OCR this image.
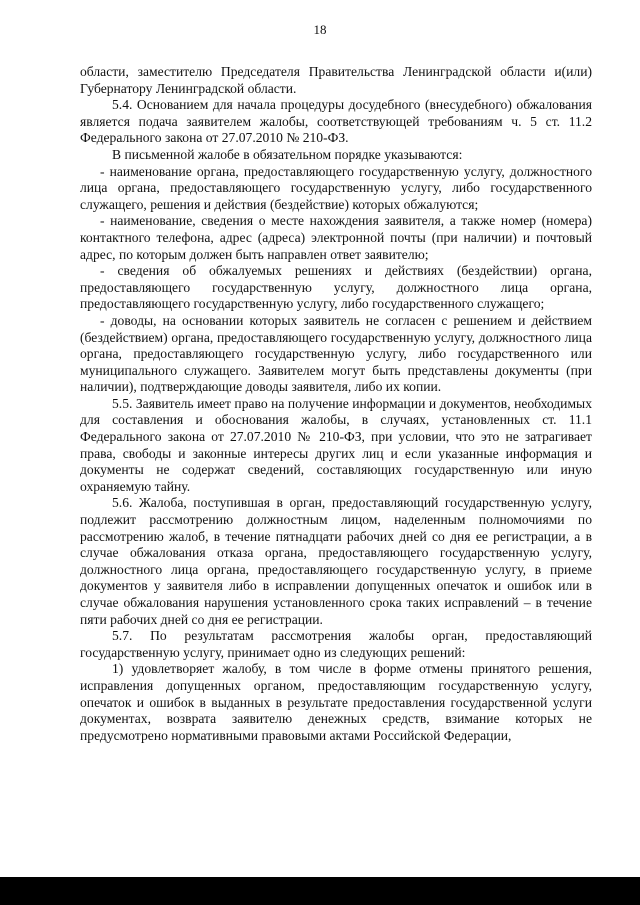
18

области, заместителю Председателя Правительства Ленинградской области и(или) Губернатору Ленинградской области.

5.4. Основанием для начала процедуры досудебного (внесудебного) обжалования является подача заявителем жалобы, соответствующей требованиям ч. 5 ст. 11.2 Федерального закона от 27.07.2010 № 210-ФЗ.

В письменной жалобе в обязательном порядке указываются:

- наименование органа, предоставляющего государственную услугу, должностного лица органа, предоставляющего государственную услугу, либо государственного служащего, решения и действия (бездействие) которых обжалуются;

- наименование, сведения о месте нахождения заявителя, а также номер (номера) контактного телефона, адрес (адреса) электронной почты (при наличии) и почтовый адрес, по которым должен быть направлен ответ заявителю;

- сведения об обжалуемых решениях и действиях (бездействии) органа, предоставляющего государственную услугу, должностного лица органа, предоставляющего государственную услугу, либо государственного служащего;

- доводы, на основании которых заявитель не согласен с решением и действием (бездействием) органа, предоставляющего государственную услугу, должностного лица органа, предоставляющего государственную услугу, либо государственного или муниципального служащего. Заявителем могут быть представлены документы (при наличии), подтверждающие доводы заявителя, либо их копии.

5.5. Заявитель имеет право на получение информации и документов, необходимых для составления и обоснования жалобы, в случаях, установленных ст. 11.1 Федерального закона от 27.07.2010 № 210-ФЗ, при условии, что это не затрагивает права, свободы и законные интересы других лиц и если указанные информация и документы не содержат сведений, составляющих государственную или иную охраняемую тайну.

5.6. Жалоба, поступившая в орган, предоставляющий государственную услугу, подлежит рассмотрению должностным лицом, наделенным полномочиями по рассмотрению жалоб, в течение пятнадцати рабочих дней со дня ее регистрации, а в случае обжалования отказа органа, предоставляющего государственную услугу, должностного лица органа, предоставляющего государственную услугу, в приеме документов у заявителя либо в исправлении допущенных опечаток и ошибок или в случае обжалования нарушения установленного срока таких исправлений – в течение пяти рабочих дней со дня ее регистрации.

5.7. По результатам рассмотрения жалобы орган, предоставляющий государственную услугу, принимает одно из следующих решений:

1) удовлетворяет жалобу, в том числе в форме отмены принятого решения, исправления допущенных органом, предоставляющим государственную услугу, опечаток и ошибок в выданных в результате предоставления государственной услуги документах, возврата заявителю денежных средств, взимание которых не предусмотрено нормативными правовыми актами Российской Федерации,
